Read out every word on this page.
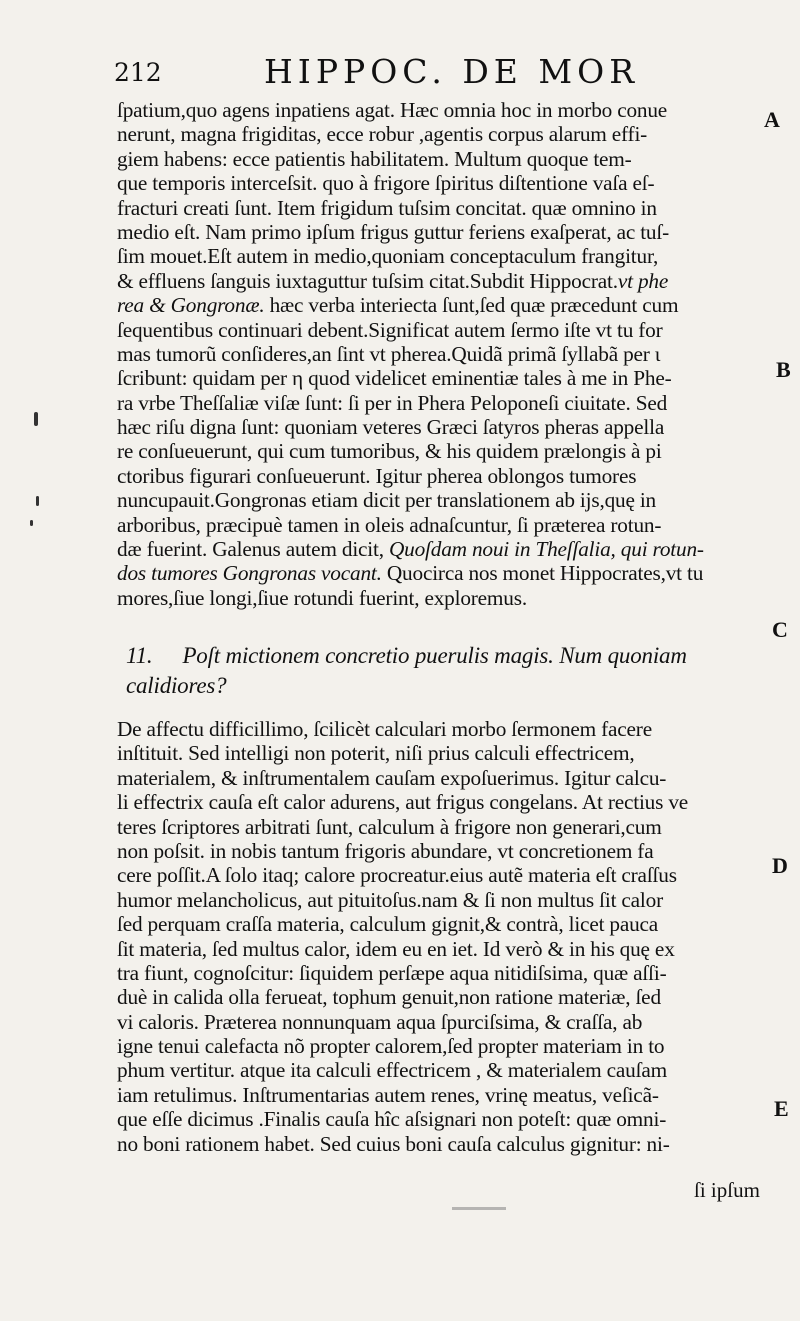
212	HIPPOC. DE MOR
ſpatium,quo agens inpatiens agat. Hæc omnia hoc in morbo conue
nerunt, magna frigiditas, ecce robur ,agentis corpus alarum effi-
giem habens: ecce patientis habilitatem. Multum quoque tem-
que temporis interceſsit. quo à frigore ſpiritus diſtentione vaſa eſ-
fracturi creati ſunt. Item frigidum tuſsim concitat. quæ omnino in
medio eſt. Nam primo ipſum frigus guttur feriens exaſperat, ac tuſ-
ſim mouet.Eſt autem in medio,quoniam conceptaculum frangitur,
& effluens ſanguis iuxtaguttur tuſsim citat.Subdit Hippocrat.vt phe
rea & Gongronæ. hæc verba interiecta ſunt,ſed quæ præcedunt cum
ſequentibus continuari debent.Significat autem ſermo iſte vt tu for
mas tumorũ conſideres,an ſint vt pherea.Quidã primã ſyllabã per ι
ſcribunt: quidam per η quod videlicet eminentiæ tales à me in Phe-
ra vrbe Theſſaliæ viſæ ſunt: ſi per in Phera Peloponeſi ciuitate. Sed
hæc riſu digna ſunt: quoniam veteres Græci ſatyros pheras appella
re conſueuerunt, qui cum tumoribus, & his quidem prælongis à pi
ctoribus figurari conſueuerunt. Igitur pherea oblongos tumores
nuncupauit.Gongronas etiam dicit per translationem ab ijs,quę in
arboribus, præcipuè tamen in oleis adnaſcuntur, ſi præterea rotun-
dæ fuerint. Galenus autem dicit, Quoſdam noui in Theſſalia, qui rotun-
dos tumores Gongronas vocant. Quocirca nos monet Hippocrates,vt tu
mores,ſiue longi,ſiue rotundi fuerint, exploremus.
11. Poſt mictionem concretio puerulis magis. Num quoniam
calidiores?
De affectu difficillimo, ſcilicèt calculari morbo ſermonem facere
inſtituit. Sed intelligi non poterit, niſi prius calculi effectricem,
materialem, & inſtrumentalem cauſam expoſuerimus. Igitur calcu-
li effectrix cauſa eſt calor adurens, aut frigus congelans. At rectius ve
teres ſcriptores arbitrati ſunt, calculum à frigore non generari,cum
non poſsit. in nobis tantum frigoris abundare, vt concretionem fa
cere poſſit.A ſolo itaq; calore procreatur.eius autẽ materia eſt craſſus
humor melancholicus, aut pituitoſus.nam & ſi non multus ſit calor
ſed perquam craſſa materia, calculum gignit,& contrà, licet pauca
ſit materia, ſed multus calor, idem eu en iet. Id verò & in his quę ex
tra fiunt, cognoſcitur: ſiquidem perſæpe aqua nitidiſsima, quæ aſſi-
duè in calida olla ferueat, tophum genuit,non ratione materiæ, ſed
vi caloris. Præterea nonnunquam aqua ſpurciſsima, & craſſa, ab
igne tenui calefacta nõ propter calorem,ſed propter materiam in to
phum vertitur. atque ita calculi effectricem , & materialem cauſam
iam retulimus. Inſtrumentarias autem renes, vrinę meatus, veſicã-
que eſſe dicimus .Finalis cauſa hîc aſsignari non poteſt: quæ omni-
no boni rationem habet. Sed cuius boni cauſa calculus gignitur: ni-
A
B
C
D
E
ſi ipſum
